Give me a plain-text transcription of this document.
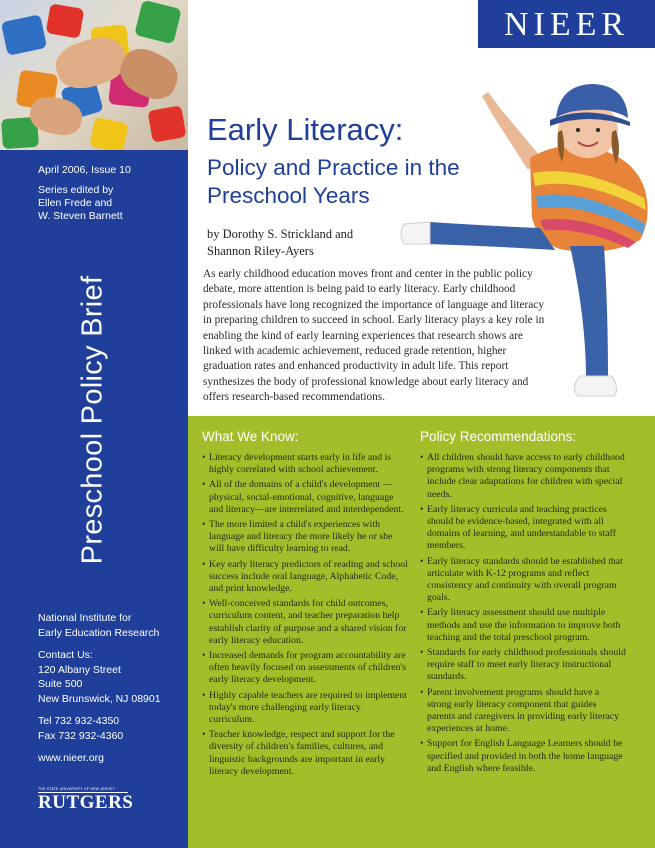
April 2006, Issue 10
Series edited by
Ellen Frede and
W. Steven Barnett
Preschool Policy Brief
National Institute for
Early Education Research
Contact Us:
120 Albany Street
Suite 500
New Brunswick, NJ 08901
Tel 732 932-4350
Fax 732 932-4360
www.nieer.org
THE STATE UNIVERSITY OF NEW JERSEY
RUTGERS
NIEER
Early Literacy:
Policy and Practice in the
Preschool Years
by Dorothy S. Strickland and
Shannon Riley-Ayers

As early childhood education moves front and center in the public policy debate, more attention is being paid to early literacy. Early childhood professionals have long recognized the importance of language and literacy in preparing children to succeed in school. Early literacy plays a key role in enabling the kind of early learning experiences that research shows are linked with academic achievement, reduced grade retention, higher graduation rates and enhanced productivity in adult life. This report synthesizes the body of professional knowledge about early literacy and offers research-based recommendations.

What We Know:
• Literacy development starts early in life and is highly correlated with school achievement.
• All of the domains of a child's development —physical, social-emotional, cognitive, language and literacy—are interrelated and interdependent.
• The more limited a child's experiences with language and literacy the more likely he or she will have difficulty learning to read.
• Key early literacy predictors of reading and school success include oral language, Alphabetic Code, and print knowledge.
• Well-conceived standards for child outcomes, curriculum content, and teacher preparation help establish clarity of purpose and a shared vision for early literacy education.
• Increased demands for program accountability are often heavily focused on assessments of children's early literacy development.
• Highly capable teachers are required to implement today's more challenging early literacy curriculum.
• Teacher knowledge, respect and support for the diversity of children's families, cultures, and linguistic backgrounds are important in early literacy development.
Policy Recommendations:
• All children should have access to early childhood programs with strong literacy components that include clear adaptations for children with special needs.
• Early literacy curricula and teaching practices should be evidence-based, integrated with all domains of learning, and understandable to staff members.
• Early literacy standards should be established that articulate with K-12 programs and reflect consistency and continuity with overall program goals.
• Early literacy assessment should use multiple methods and use the information to improve both teaching and the total preschool program.
• Standards for early childhood professionals should require staff to meet early literacy instructional standards.
• Parent involvement programs should have a strong early literacy component that guides parents and caregivers in providing early literacy experiences at home.
• Support for English Language Learners should be specified and provided in both the home language and English where feasible.
